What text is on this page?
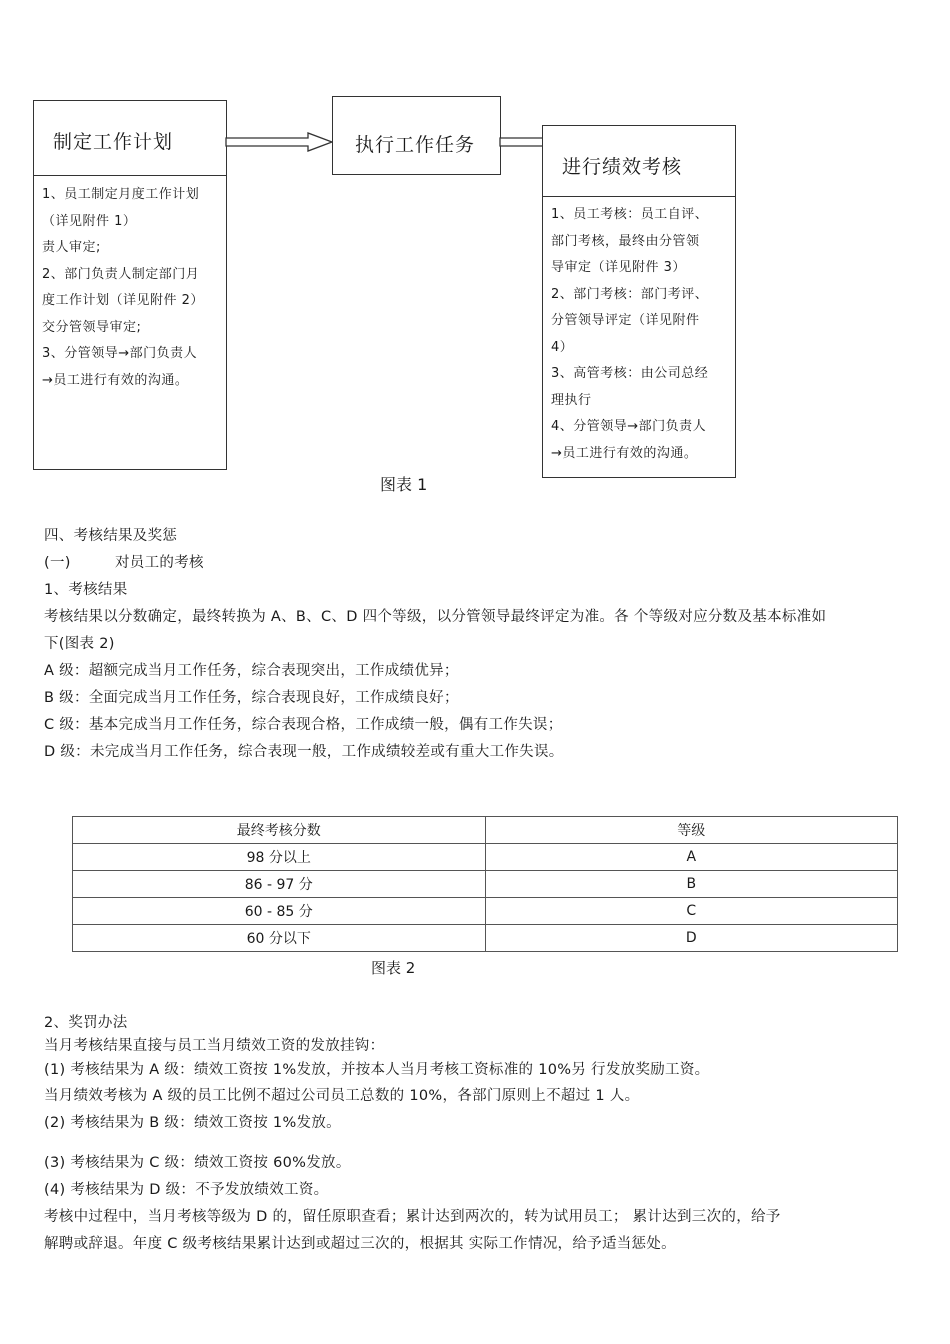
制定工作计划
1、员工制定月度工作计划
（详见附件 1）
责人审定;
2、部门负责人制定部门月
度工作计划（详见附件 2）
交分管领导审定;
3、分管领导→部门负责人
→员工进行有效的沟通。
执行工作任务
进行绩效考核
1、员工考核：员工自评、
部门考核，最终由分管领
导审定（详见附件 3）
2、部门考核：部门考评、
分管领导评定（详见附件
4）
3、高管考核：由公司总经
理执行
4、分管领导→部门负责人
→员工进行有效的沟通。
图表 1
四、考核结果及奖惩
(一)	对员工的考核
1、考核结果
考核结果以分数确定，最终转换为 A、B、C、D 四个等级，以分管领导最终评定为准。各 个等级对应分数及基本标准如
下(图表 2)
A 级：超额完成当月工作任务，综合表现突出，工作成绩优异；
B 级：全面完成当月工作任务，综合表现良好，工作成绩良好；
C 级：基本完成当月工作任务，综合表现合格，工作成绩一般，偶有工作失误；
D 级：未完成当月工作任务，综合表现一般，工作成绩较差或有重大工作失误。
最终考核分数	等级
98 分以上	A
86 - 97 分	B
60 - 85 分	C
60 分以下	D
图表 2
2、奖罚办法
当月考核结果直接与员工当月绩效工资的发放挂钩：
(1) 考核结果为 A 级：绩效工资按 1%发放，并按本人当月考核工资标准的 10%另 行发放奖励工资。
当月绩效考核为 A 级的员工比例不超过公司员工总数的 10%，各部门原则上不超过 1 人。
(2) 考核结果为 B 级：绩效工资按 1%发放。
(3) 考核结果为 C 级：绩效工资按 60%发放。
(4) 考核结果为 D 级：不予发放绩效工资。
考核中过程中，当月考核等级为 D 的，留任原职查看；累计达到两次的，转为试用员工； 累计达到三次的，给予
解聘或辞退。年度 C 级考核结果累计达到或超过三次的，根据其 实际工作情况，给予适当惩处。
